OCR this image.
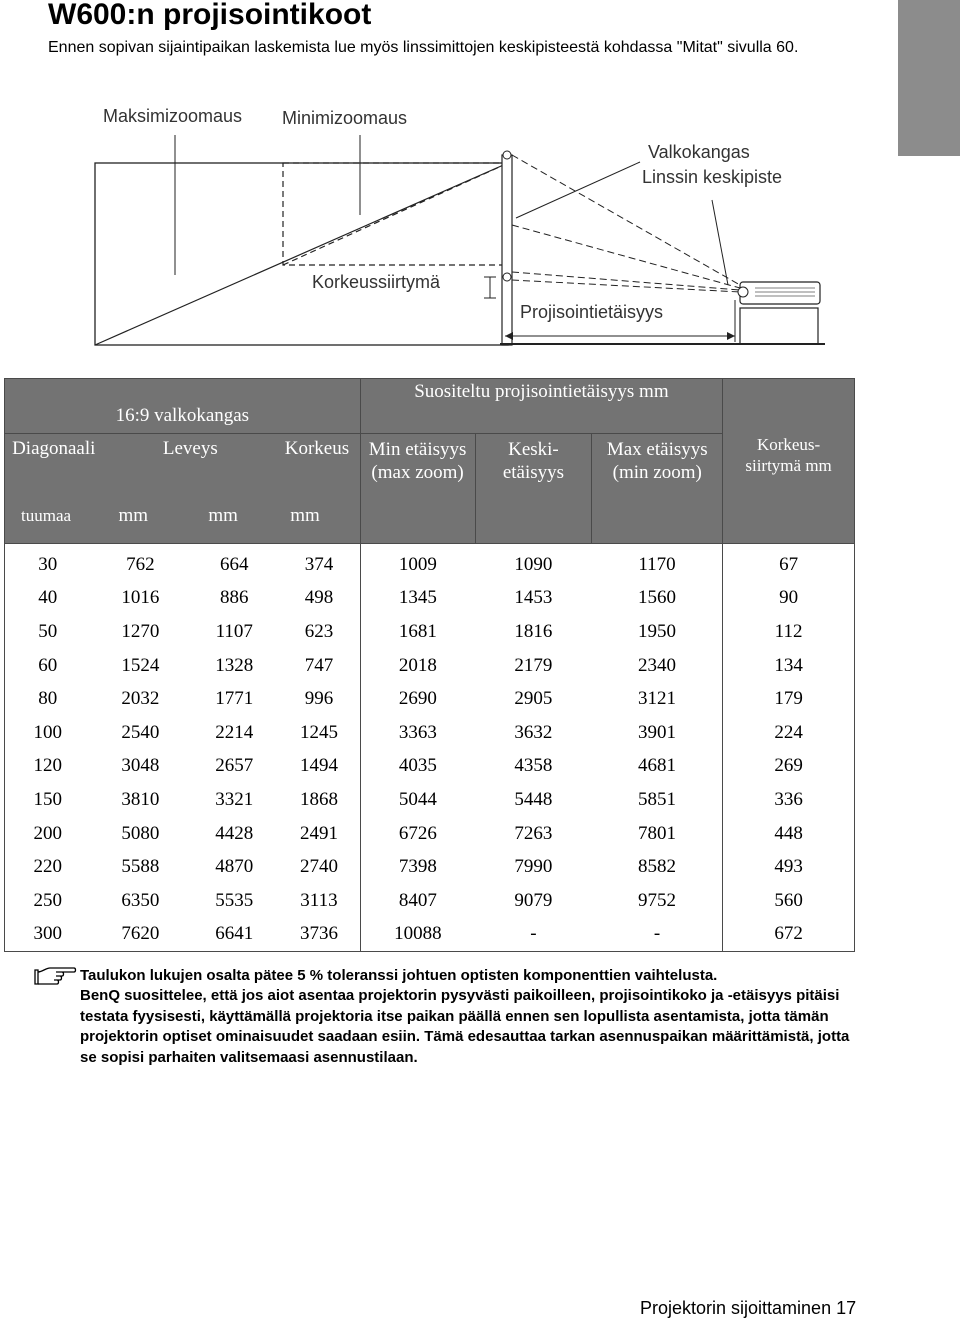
W600:n projisointikoot
Ennen sopivan sijaintipaikan laskemista lue myös linssimittojen keskipisteestä kohdassa "Mitat" sivulla 60.
Maksimizoomaus Minimizoomaus
Valkokangas
Linssin keskipiste
Korkeussiirtymä
Projisointietäisyys
16:9 valkokangas				Suositeltu projisointietäisyys mm			Korkeus-
siirtymä mm
Diagonaali		Leveys	Korkeus	Min etäisyys
(max zoom)	Keski-
etäisyys	Max etäisyys
(min zoom)	
tuumaa	mm	mm	mm				
30	762	664	374	1009	1090	1170	67
40	1016	886	498	1345	1453	1560	90
50	1270	1107	623	1681	1816	1950	112
60	1524	1328	747	2018	2179	2340	134
80	2032	1771	996	2690	2905	3121	179
100	2540	2214	1245	3363	3632	3901	224
120	3048	2657	1494	4035	4358	4681	269
150	3810	3321	1868	5044	5448	5851	336
200	5080	4428	2491	6726	7263	7801	448
220	5588	4870	2740	7398	7990	8582	493
250	6350	5535	3113	8407	9079	9752	560
300	7620	6641	3736	10088	-	-	672
Taulukon lukujen osalta pätee 5 % toleranssi johtuen optisten komponenttien vaihtelusta.
BenQ suosittelee, että jos aiot asentaa projektorin pysyvästi paikoilleen, projisointikoko ja -etäisyys pitäisi testata fyysisesti, käyttämällä projektoria itse paikan päällä ennen sen lopullista asentamista, jotta tämän projektorin optiset ominaisuudet saadaan esiin. Tämä edesauttaa tarkan asennuspaikan määrittämistä, jotta se sopisi parhaiten valitsemaasi asennustilaan.
Projektorin sijoittaminen 17
